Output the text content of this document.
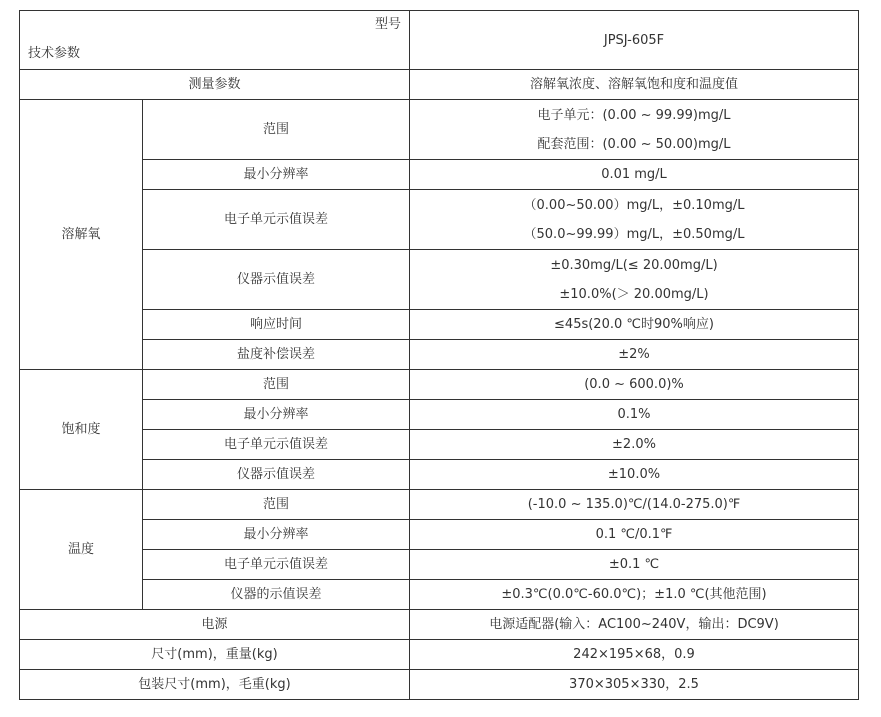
型号
技术参数		JPSJ-605F
测量参数		溶解氧浓度、溶解氧饱和度和温度值
溶解氧	范围	电子单元：(0.00 ~ 99.99)mg/L
配套范围：(0.00 ~ 50.00)mg/L

	最小分辨率	0.01 mg/L
	电子单元示值误差	（0.00~50.00）mg/L，±0.10mg/L
（50.0~99.99）mg/L，±0.50mg/L

	仪器示值误差	±0.30mg/L(≤ 20.00mg/L)
±10.0%(＞ 20.00mg/L)

	响应时间	≤45s(20.0 ℃时90%响应)
	盐度补偿误差	±2%
饱和度	范围	(0.0 ~ 600.0)%
	最小分辨率	0.1%
	电子单元示值误差	±2.0%
	仪器示值误差	±10.0%
温度	范围	(-10.0 ~ 135.0)℃/(14.0-275.0)℉
	最小分辨率	0.1 ℃/0.1℉
	电子单元示值误差	±0.1 ℃
	仪器的示值误差	±0.3℃(0.0℃-60.0℃)；±1.0 ℃(其他范围)
电源		电源适配器(输入：AC100~240V，输出：DC9V)
尺寸(mm)，重量(kg)		242×195×68，0.9
包装尺寸(mm)，毛重(kg)		370×305×330，2.5
